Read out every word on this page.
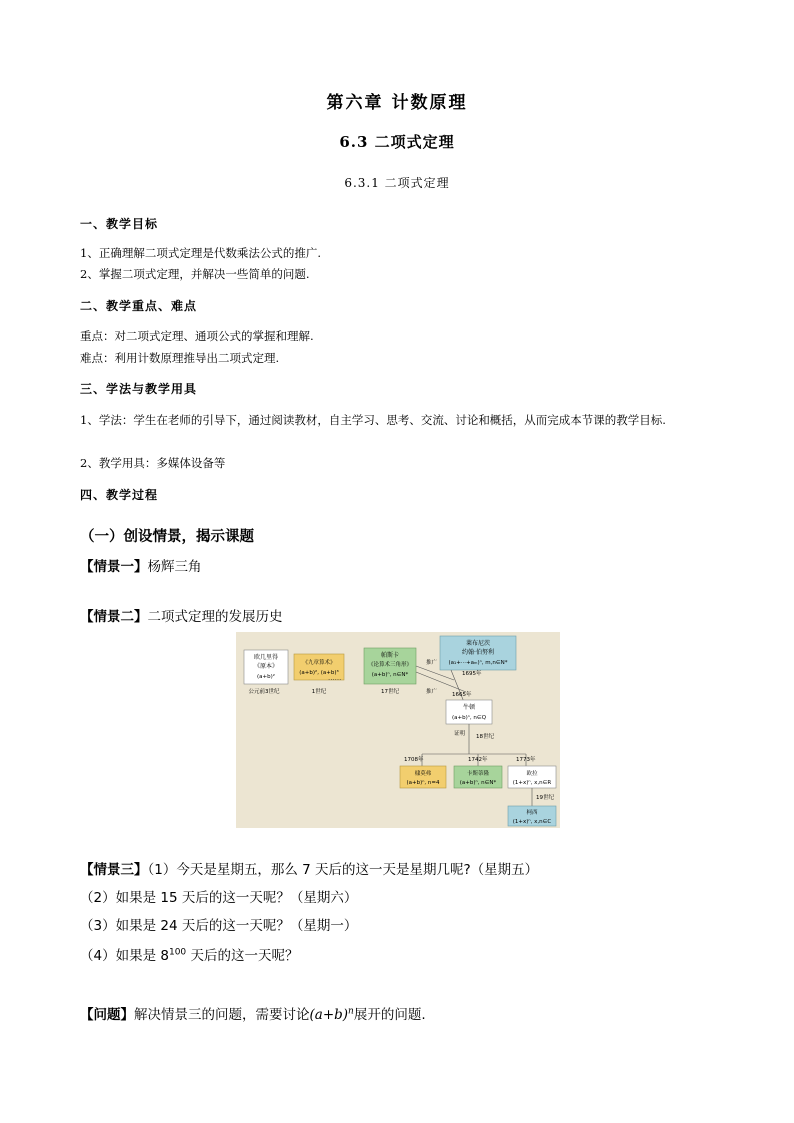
第六章 计数原理
6.3 二项式定理
6.3.1 二项式定理
一、教学目标
1、正确理解二项式定理是代数乘法公式的推广.
2、掌握二项式定理，并解决一些简单的问题.
二、教学重点、难点
重点：对二项式定理、通项公式的掌握和理解.
难点：利用计数原理推导出二项式定理.
三、学法与教学用具
1、学法：学生在老师的引导下，通过阅读教材，自主学习、思考、交流、讨论和概括，从而完成本节课的教学目标.
2、教学用具：多媒体设备等
四、教学过程
（一）创设情景，揭示课题
【情景一】杨辉三角
【情景二】二项式定理的发展历史
欧几里得
《原本》
(a+b)²
公元前3世纪
《九章算术》
(a+b)², (a+b)³
1世纪
......
帕斯卡
《论算术三角形》
(a+b)ⁿ, n∈N*
17世纪
莱布尼茨
约翰·伯努利
(a₁+···+aₘ)ⁿ, m,n∈N*
推广
推广
1695年
1665年
牛顿
(a+b)ⁿ, n∈Q
证明 18世纪
1708年	1742年	1773年
棣莫弗
(a+b)ⁿ, n=4
卡斯蒂隆
(a+b)ⁿ, n∈N*
欧拉
(1+x)ⁿ, x,n∈R
19世纪
柯西
(1+x)ⁿ, x,n∈C
【情景三】（1）今天是星期五，那么 7 天后的这一天是星期几呢?（星期五）
（2）如果是 15 天后的这一天呢？（星期六）
（3）如果是 24 天后的这一天呢？（星期一）
（4）如果是 $8^{100}$ 天后的这一天呢？
【问题】解决情景三的问题，需要讨论$(a+b)^n$展开的问题.
